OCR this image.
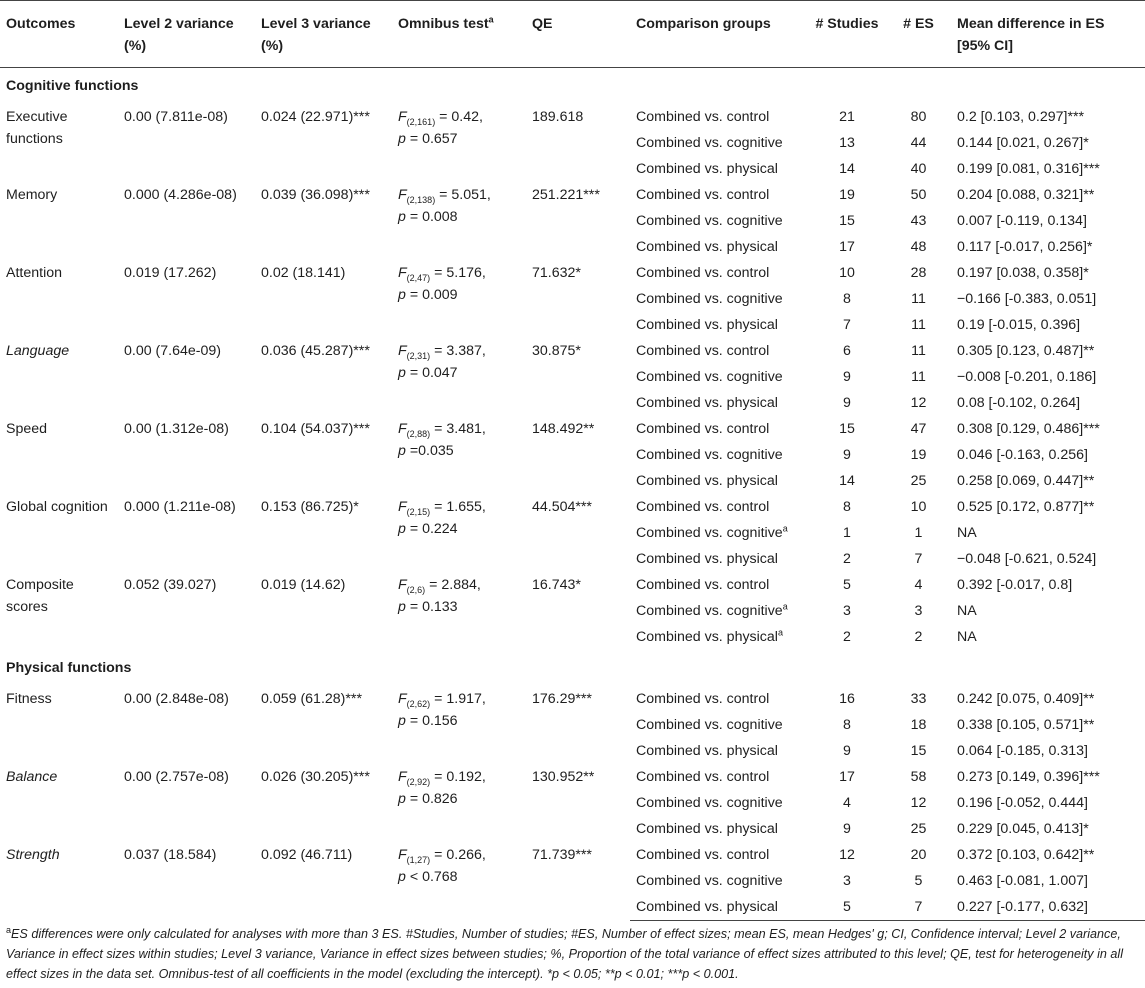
Outcomes	Level 2 variance (%)	Level 3 variance (%)	Omnibus test$^a$	QE	Comparison groups	# Studies	# ES	Mean difference in ES [95% CI]
Cognitive functions								
Executive functions	0.00 (7.811e-08)	0.024 (22.971)***	$F_{(2,161)} = 0.42$,
p = 0.657	189.618	Combined vs. control	21	80	0.2 [0.103, 0.297]***
					Combined vs. cognitive	13	44	0.144 [0.021, 0.267]*
					Combined vs. physical	14	40	0.199 [0.081, 0.316]***
Memory	0.000 (4.286e-08)	0.039 (36.098)***	$F_{(2,138)} = 5.051$,
p = 0.008	251.221***	Combined vs. control	19	50	0.204 [0.088, 0.321]**
					Combined vs. cognitive	15	43	0.007 [-0.119, 0.134]
					Combined vs. physical	17	48	0.117 [-0.017, 0.256]*
Attention	0.019 (17.262)	0.02 (18.141)	$F_{(2,47)} = 5.176$,
p = 0.009	71.632*	Combined vs. control	10	28	0.197 [0.038, 0.358]*
					Combined vs. cognitive	8	11	−0.166 [-0.383, 0.051]
					Combined vs. physical	7	11	0.19 [-0.015, 0.396]
Language	0.00 (7.64e-09)	0.036 (45.287)***	$F_{(2,31)} = 3.387$,
p = 0.047	30.875*	Combined vs. control	6	11	0.305 [0.123, 0.487]**
					Combined vs. cognitive	9	11	−0.008 [-0.201, 0.186]
					Combined vs. physical	9	12	0.08 [-0.102, 0.264]
Speed	0.00 (1.312e-08)	0.104 (54.037)***	$F_{(2,88)} = 3.481$,
p =0.035	148.492**	Combined vs. control	15	47	0.308 [0.129, 0.486]***
					Combined vs. cognitive	9	19	0.046 [-0.163, 0.256]
					Combined vs. physical	14	25	0.258 [0.069, 0.447]**
Global cognition	0.000 (1.211e-08)	0.153 (86.725)*	$F_{(2,15)} = 1.655$,
p = 0.224	44.504***	Combined vs. control	8	10	0.525 [0.172, 0.877]**
					Combined vs. cognitive$^a$	1	1	NA
					Combined vs. physical	2	7	−0.048 [-0.621, 0.524]
Composite scores	0.052 (39.027)	0.019 (14.62)	$F_{(2,6)} = 2.884$,
p = 0.133	16.743*	Combined vs. control	5	4	0.392 [-0.017, 0.8]
					Combined vs. cognitive$^a$	3	3	NA
					Combined vs. physical$^a$	2	2	NA
Physical functions								
Fitness	0.00 (2.848e-08)	0.059 (61.28)***	$F_{(2,62)} = 1.917$,
p = 0.156	176.29***	Combined vs. control	16	33	0.242 [0.075, 0.409]**
					Combined vs. cognitive	8	18	0.338 [0.105, 0.571]**
					Combined vs. physical	9	15	0.064 [-0.185, 0.313]
Balance	0.00 (2.757e-08)	0.026 (30.205)***	$F_{(2,92)} = 0.192$,
p = 0.826	130.952**	Combined vs. control	17	58	0.273 [0.149, 0.396]***
					Combined vs. cognitive	4	12	0.196 [-0.052, 0.444]
					Combined vs. physical	9	25	0.229 [0.045, 0.413]*
Strength	0.037 (18.584)	0.092 (46.711)	$F_{(1,27)} = 0.266$,
p < 0.768	71.739***	Combined vs. control	12	20	0.372 [0.103, 0.642]**
					Combined vs. cognitive	3	5	0.463 [-0.081, 1.007]
					Combined vs. physical	5	7	0.227 [-0.177, 0.632]
$^a$ES differences were only calculated for analyses with more than 3 ES. #Studies, Number of studies; #ES, Number of effect sizes; mean ES, mean Hedges' g; CI, Confidence interval; Level 2 variance, Variance in effect sizes within studies; Level 3 variance, Variance in effect sizes between studies; %, Proportion of the total variance of effect sizes attributed to this level; QE, test for heterogeneity in all effect sizes in the data set. Omnibus-test of all coefficients in the model (excluding the intercept). *p < 0.05; **p < 0.01; ***p < 0.001.
